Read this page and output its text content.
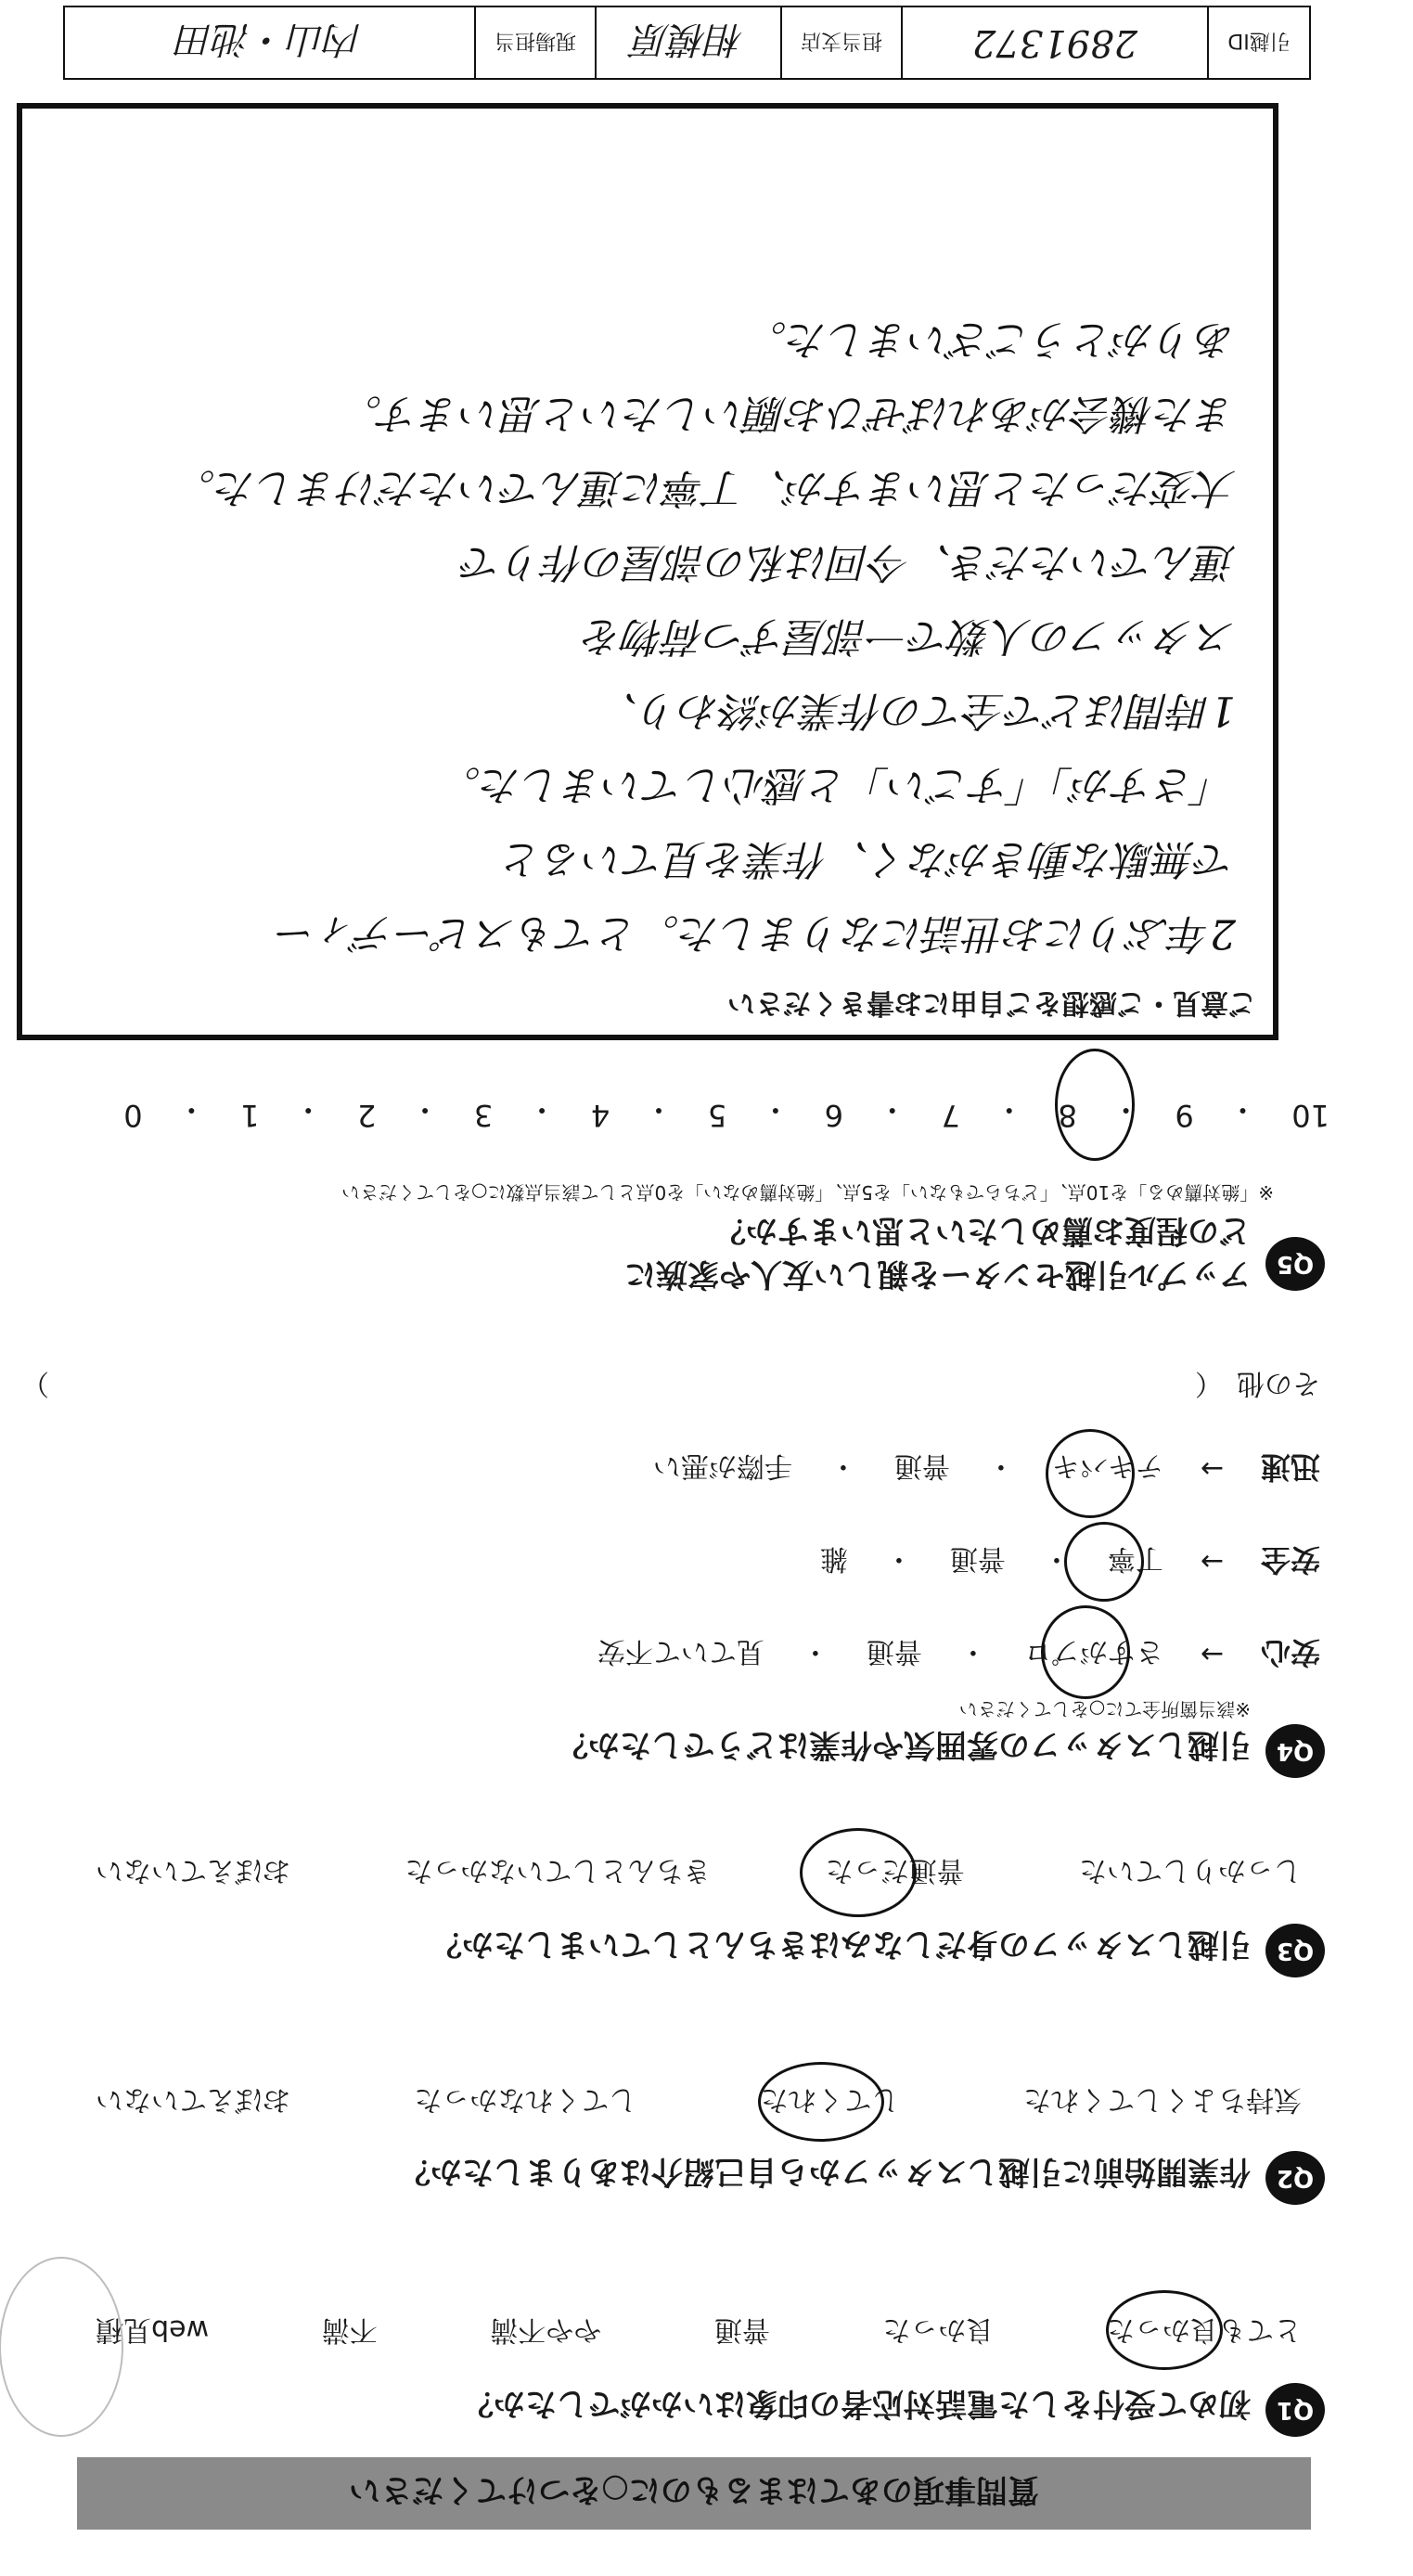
質問事項のあてはまるものに○をつけてください
Q1
初めて受付をした電話対応者の印象はいかがでしたか？
とても良かった
良かった
普通
やや不満
不満
web見積
Q2
作業開始前に引越しスタッフから自己紹介はありましたか？
気持ちよくしてくれた
してくれた
してくれなかった
おぼえていない
Q3
引越しスタッフの身だしなみはきちんとしていましたか？
しっかりしていた
普通だった
きちんとしていなかった
おぼえていない
Q4
引越しスタッフの雰囲気や作業はどうでしたか？
※該当箇所全てに○をしてください
安心
→
さすがプロ
・
普通
・
見ていて不安
安全
→
丁寧
・
普通
・
雑
迅速
→
テキパキ
・
普通
・
手際が悪い
その他　（
）
Q5
アップル引越センターを親しい友人や家族に
どの程度お薦めしたいと思いますか？
※「絶対薦める」を10点、「どちらでもない」を5点、「絶対薦めない」を0点として該当点数に○をしてください
10
・
9
・
8
・
7
・
6
・
5
・
4
・
3
・
2
・
1
・
0
ご意見・ご感想をご自由にお書きください
2年ぶりにお世話になりました。とてもスピーディー
で無駄な動きがなく、作業を見ていると
「さすが」「すごい」と感心していました。
1時間ほどで全ての作業が終わり、
スタッフの人数で一部屋ずつ荷物を
運んでいただき、今回は私の部屋の作りで
大変だったと思いますが、丁寧に運んでいただけました。
また機会があればぜひお願いしたいと思います。
ありがとうございました。
引越ID
2891372
担当支店
相模原
現場担当
内山・池田
